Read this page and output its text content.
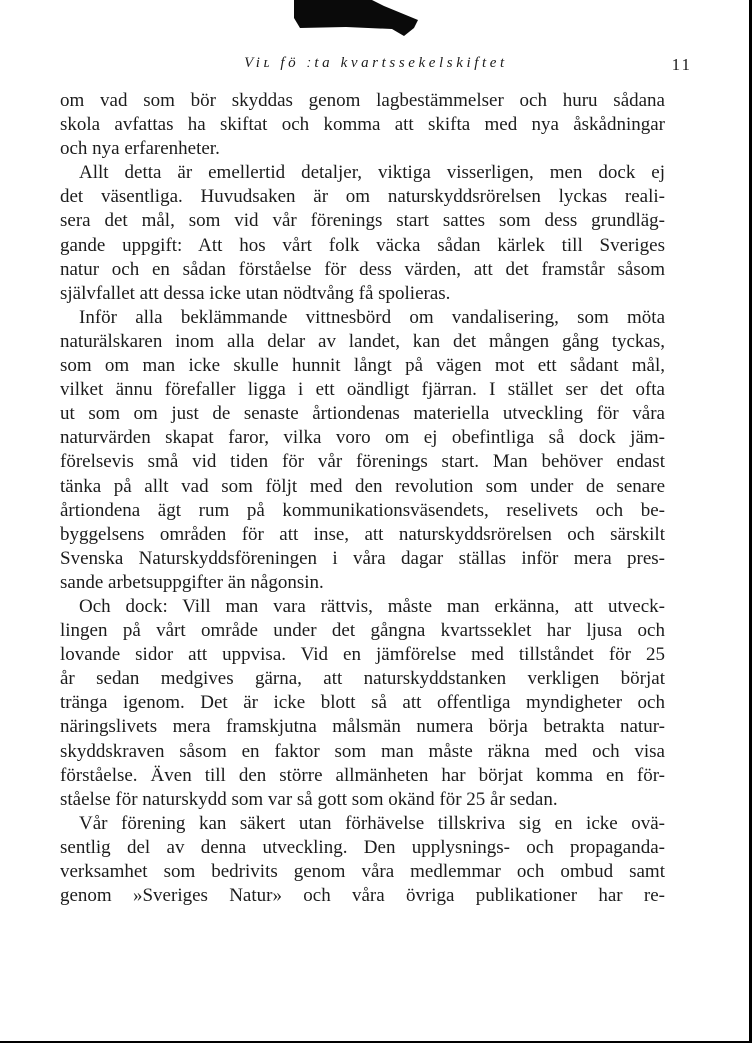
Viʟ fö ːta kvartssekelskiftet	11

om vad som bör skyddas genom lagbestämmelser och huru sådana
skola avfattas ha skiftat och komma att skifta med nya åskådningar
och nya erfarenheter.

Allt detta är emellertid detaljer, viktiga visserligen, men dock ej
det väsentliga. Huvudsaken är om naturskyddsrörelsen lyckas reali-
sera det mål, som vid vår förenings start sattes som dess grundläg-
gande uppgift: Att hos vårt folk väcka sådan kärlek till Sveriges
natur och en sådan förståelse för dess värden, att det framstår såsom
självfallet att dessa icke utan nödtvång få spolieras.

Inför alla beklämmande vittnesbörd om vandalisering, som möta
naturälskaren inom alla delar av landet, kan det mången gång tyckas,
som om man icke skulle hunnit långt på vägen mot ett sådant mål,
vilket ännu förefaller ligga i ett oändligt fjärran. I stället ser det ofta
ut som om just de senaste årtiondenas materiella utveckling för våra
naturvärden skapat faror, vilka voro om ej obefintliga så dock jäm-
förelsevis små vid tiden för vår förenings start. Man behöver endast
tänka på allt vad som följt med den revolution som under de senare
årtiondena ägt rum på kommunikationsväsendets, reselivets och be-
byggelsens områden för att inse, att naturskyddsrörelsen och särskilt
Svenska Naturskyddsföreningen i våra dagar ställas inför mera pres-
sande arbetsuppgifter än någonsin.

Och dock: Vill man vara rättvis, måste man erkänna, att utveck-
lingen på vårt område under det gångna kvartsseklet har ljusa och
lovande sidor att uppvisa. Vid en jämförelse med tillståndet för 25
år sedan medgives gärna, att naturskyddstanken verkligen börjat
tränga igenom. Det är icke blott så att offentliga myndigheter och
näringslivets mera framskjutna målsmän numera börja betrakta natur-
skyddskraven såsom en faktor som man måste räkna med och visa
förståelse. Även till den större allmänheten har börjat komma en för-
ståelse för naturskydd som var så gott som okänd för 25 år sedan.

Vår förening kan säkert utan förhävelse tillskriva sig en icke ovä-
sentlig del av denna utveckling. Den upplysnings- och propaganda-
verksamhet som bedrivits genom våra medlemmar och ombud samt
genom »Sveriges Natur» och våra övriga publikationer har re-
